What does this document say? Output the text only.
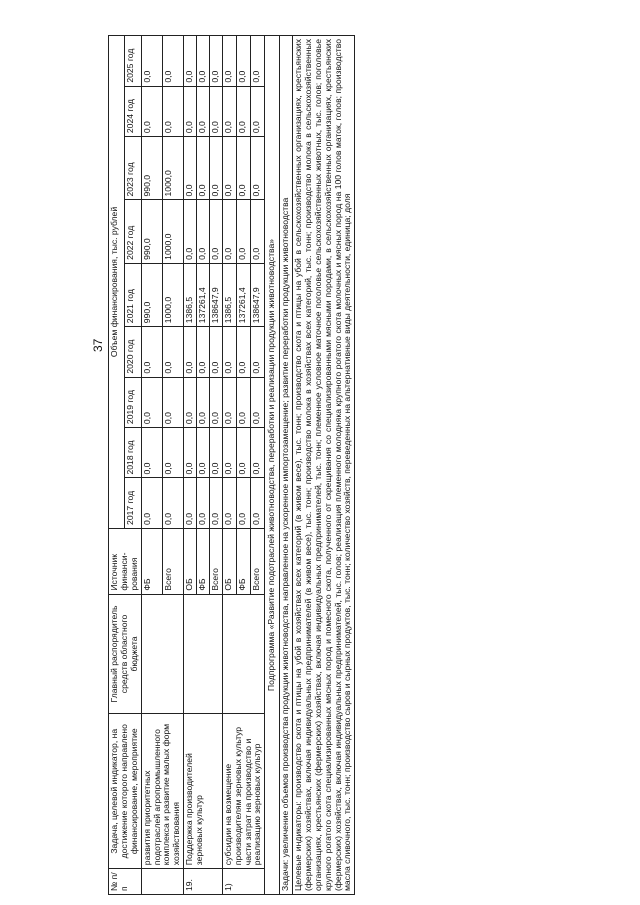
37
№ п/п	Задача, целевой индикатор, на достижение которого направлено финансирование, мероприятие	Главный распорядитель средств областного бюджета	Источник финанси-рования	Объем финансирования, тыс. рублей								
				2017 год	2018 год	2019 год	2020 год	2021 год	2022 год	2023 год	2024 год	2025 год
	развития приоритетных подотраслей агропромышленного комплекса и развитие малых форм хозяйствования		ФБ	0,0	0,0	0,0	0,0	990,0	990,0	990,0	0,0	0,0
			Всего	0,0	0,0	0,0	0,0	1000,0	1000,0	1000,0	0,0	0,0
19.	Поддержка производителей зерновых культур		ОБ	0,0	0,0	0,0	0,0	1386,5	0,0	0,0	0,0	0,0
			ФБ	0,0	0,0	0,0	0,0	137261,4	0,0	0,0	0,0	0,0
			Всего	0,0	0,0	0,0	0,0	138647,9	0,0	0,0	0,0	0,0
1)	субсидии на возмещение производителям зерновых культур части затрат на производство и реализацию зерновых культур		ОБ	0,0	0,0	0,0	0,0	1386,5	0,0	0,0	0,0	0,0
			ФБ	0,0	0,0	0,0	0,0	137261,4	0,0	0,0	0,0	0,0
			Всего	0,0	0,0	0,0	0,0	138647,9	0,0	0,0	0,0	0,0
Подпрограмма «Развитие подотраслей животноводства, переработки и реализации продукции животноводства»												
Задачи: увеличение объемов производства продукции животноводства, направленное на ускоренное импортозамещение; развитие переработки продукции животноводства												
Целевые индикаторы: производство скота и птицы на убой в хозяйствах всех категорий (в живом весе), тыс. тонн; производство скота и птицы на убой в сельскохозяйственных организациях, крестьянских (фермерских) хозяйствах, включая индивидуальных предпринимателей (в живом весе), тыс. тонн; производство молока в хозяйствах всех категорий, тыс. тонн; производство молока в сельскохозяйственных организациях, крестьянских (фермерских) хозяйствах, включая индивидуальных предпринимателей, тыс. тонн; племенное условное маточное поголовье сельскохозяйственных животных, тыс. голов; поголовье крупного рогатого скота специализированных мясных пород и помесного скота, полученного от скрещивания со специализированными мясными породами, в сельскохозяйственных организациях, крестьянских (фермерских) хозяйствах, включая индивидуальных предпринимателей, тыс. голов; реализация племенного молодняка крупного рогатого скота молочных и мясных пород на 100 голов маток, голов; производство масла сливочного, тыс. тонн; производство сыров и сырных продуктов, тыс. тонн; количество хозяйств, переведенных на альтернативные виды деятельности, единица; доля												
